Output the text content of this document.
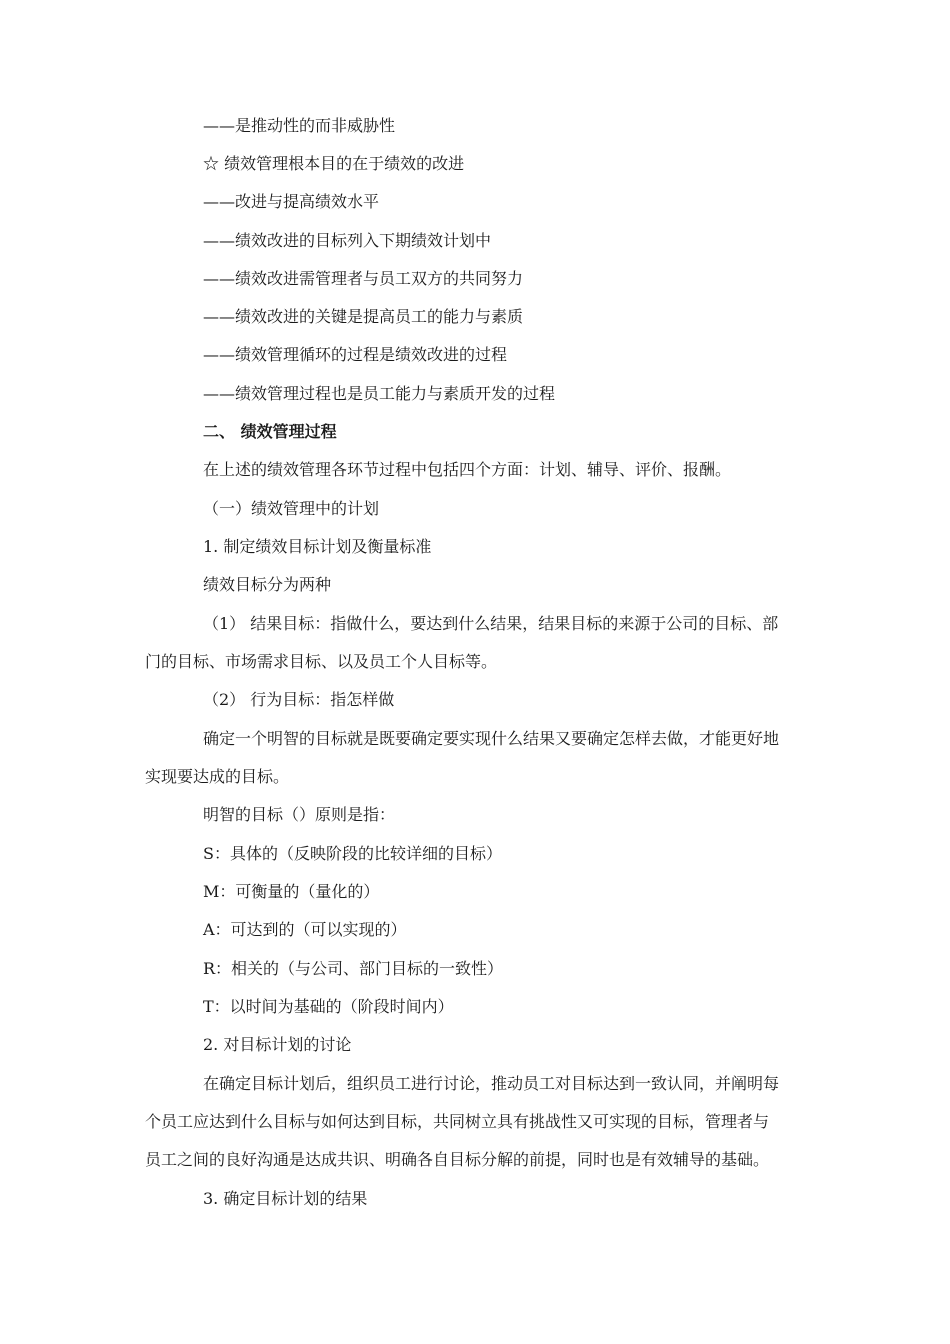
——是推动性的而非威胁性
☆ 绩效管理根本目的在于绩效的改进
——改进与提高绩效水平
——绩效改进的目标列入下期绩效计划中
——绩效改进需管理者与员工双方的共同努力
——绩效改进的关键是提高员工的能力与素质
——绩效管理循环的过程是绩效改进的过程
——绩效管理过程也是员工能力与素质开发的过程
二、 绩效管理过程
在上述的绩效管理各环节过程中包括四个方面：计划、辅导、评价、报酬。
（一）绩效管理中的计划
1. 制定绩效目标计划及衡量标准
绩效目标分为两种
（1） 结果目标：指做什么，要达到什么结果，结果目标的来源于公司的目标、部
门的目标、市场需求目标、以及员工个人目标等。
（2） 行为目标：指怎样做
确定一个明智的目标就是既要确定要实现什么结果又要确定怎样去做，才能更好地
实现要达成的目标。
明智的目标（）原则是指：
S：具体的（反映阶段的比较详细的目标）
M：可衡量的（量化的）
A：可达到的（可以实现的）
R：相关的（与公司、部门目标的一致性）
T：以时间为基础的（阶段时间内）
2. 对目标计划的讨论
在确定目标计划后，组织员工进行讨论，推动员工对目标达到一致认同，并阐明每
个员工应达到什么目标与如何达到目标，共同树立具有挑战性又可实现的目标，管理者与
员工之间的良好沟通是达成共识、明确各自目标分解的前提，同时也是有效辅导的基础。
3. 确定目标计划的结果
